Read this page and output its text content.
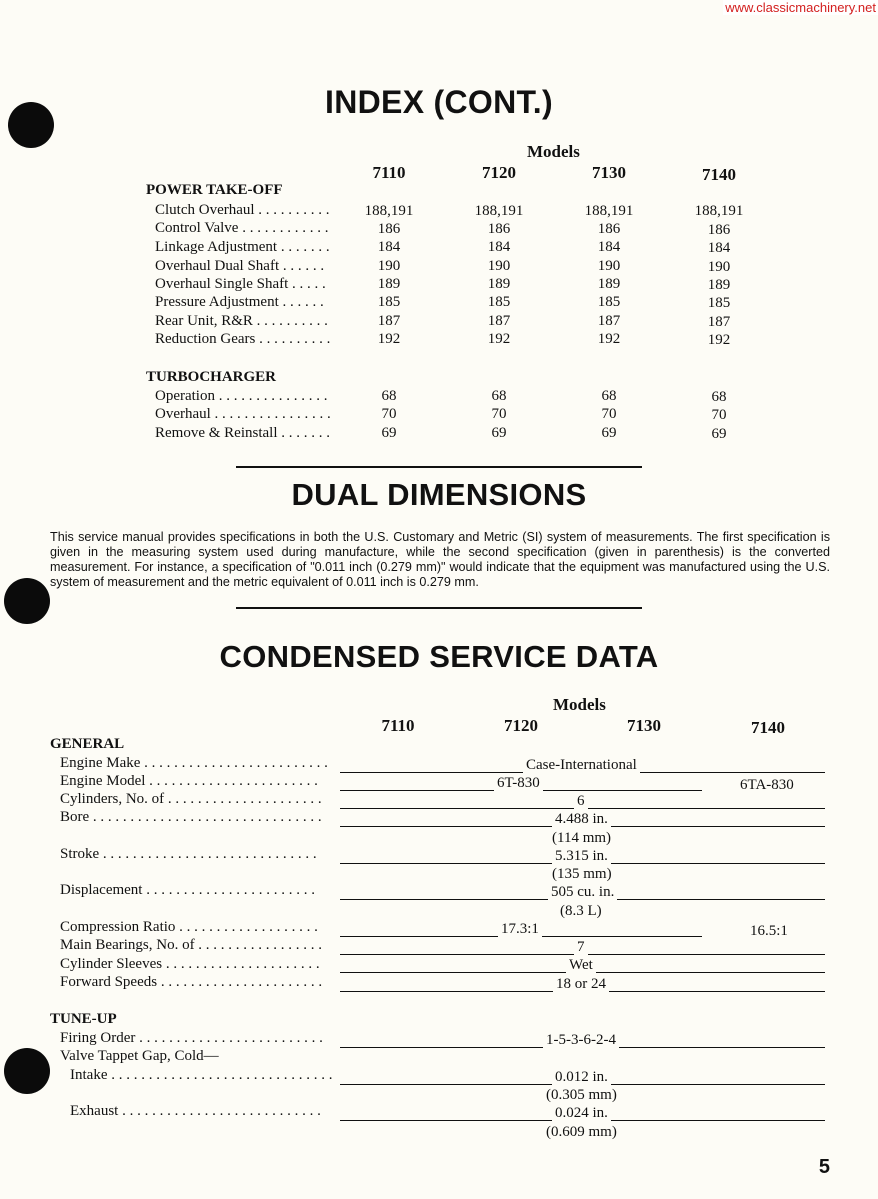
www.classicmachinery.net
INDEX (CONT.)
Models
7110	7120	7130	7140
POWER TAKE-OFF
Clutch Overhaul . . . . . . . . . .	188,191	188,191	188,191	188,191
Control Valve . . . . . . . . . . . .	186	186	186	186
Linkage Adjustment . . . . . . .	184	184	184	184
Overhaul Dual Shaft . . . . . .	190	190	190	190
Overhaul Single Shaft . . . . .	189	189	189	189
Pressure Adjustment . . . . . .	185	185	185	185
Rear Unit, R&R . . . . . . . . . .	187	187	187	187
Reduction Gears . . . . . . . . . .	192	192	192	192
TURBOCHARGER
Operation . . . . . . . . . . . . . . .	68	68	68	68
Overhaul . . . . . . . . . . . . . . . .	70	70	70	70
Remove & Reinstall . . . . . . .	69	69	69	69
DUAL DIMENSIONS
This service manual provides specifications in both the U.S. Customary and Metric (SI) system of measurements. The first specification is given in the measuring system used during manufacture, while the second specification (given in parenthesis) is the converted measurement. For instance, a specification of "0.011 inch (0.279 mm)" would indicate that the equipment was manufactured using the U.S. system of measurement and the metric equivalent of 0.011 inch is 0.279 mm.
CONDENSED SERVICE DATA
Models
7110	7120	7130	7140
GENERAL
Engine Make . . . . . . . . . . . . . . . . . . . . . . . . .	Case-International
Engine Model . . . . . . . . . . . . . . . . . . . . . . .	6T-830	6TA-830
Cylinders, No. of . . . . . . . . . . . . . . . . . . . . .	6
Bore . . . . . . . . . . . . . . . . . . . . . . . . . . . . . . .	4.488 in.
(114 mm)
Stroke . . . . . . . . . . . . . . . . . . . . . . . . . . . . .	5.315 in.
(135 mm)
Displacement . . . . . . . . . . . . . . . . . . . . . . .	505 cu. in.
(8.3 L)
Compression Ratio . . . . . . . . . . . . . . . . . . .	17.3:1	16.5:1
Main Bearings, No. of . . . . . . . . . . . . . . . . .	7
Cylinder Sleeves . . . . . . . . . . . . . . . . . . . . .	Wet
Forward Speeds . . . . . . . . . . . . . . . . . . . . . .	18 or 24
TUNE-UP
Firing Order . . . . . . . . . . . . . . . . . . . . . . . . .	1-5-3-6-2-4
Valve Tappet Gap, Cold—
Intake . . . . . . . . . . . . . . . . . . . . . . . . . . . . . .	0.012 in.
(0.305 mm)
Exhaust . . . . . . . . . . . . . . . . . . . . . . . . . . .	0.024 in.
(0.609 mm)
5
